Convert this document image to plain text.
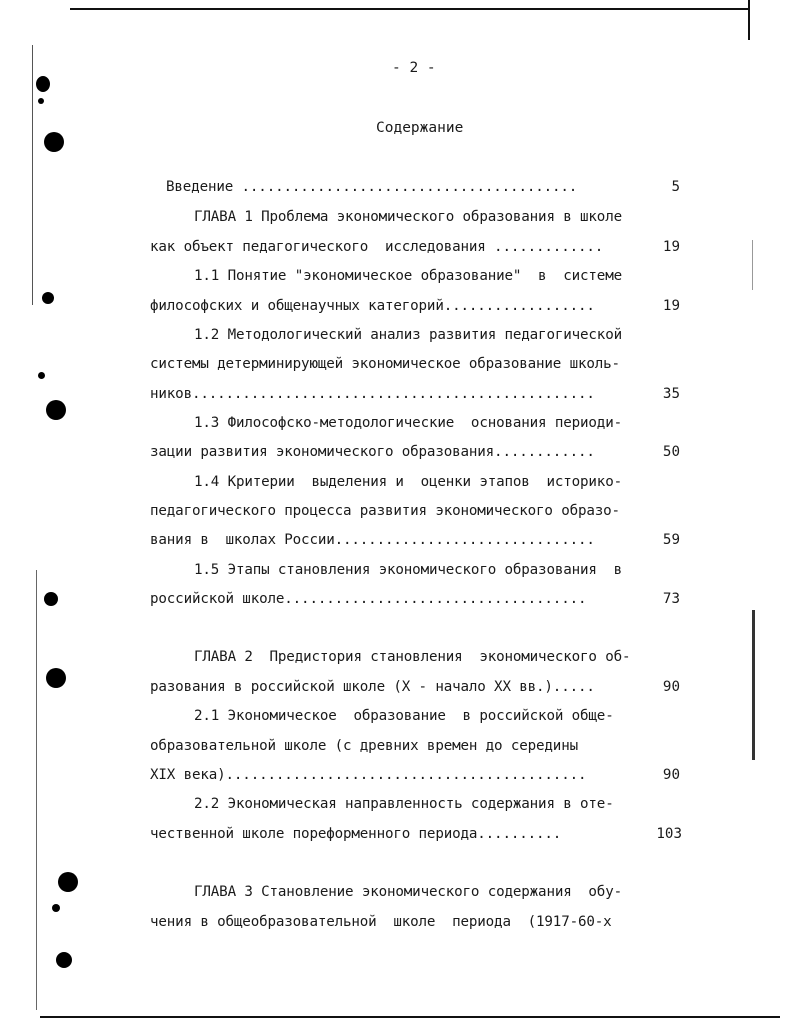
- 2 -
Содержание
Введение ........................................	5
ГЛАВА 1 Проблема экономического образования в школе
как объект педагогического  исследования .............	19
1.1 Понятие "экономическое образование"  в  системе
философских и общенаучных категорий..................	19
1.2 Методологический анализ развития педагогической
системы детерминирующей экономическое образование школь-
ников................................................	35
1.3 Философско-методологические  основания периоди-
зации развития экономического образования............	50
1.4 Критерии  выделения и  оценки этапов  историко-
педагогического процесса развития экономического образо-
вания в  школах России...............................	59
1.5 Этапы становления экономического образования  в
российской школе....................................	73
ГЛАВА 2  Предистория становления  экономического об-
разования в российской школе (X - начало XX вв.).....	90
2.1 Экономическое  образование  в российской обще-
образовательной школе (с древних времен до середины
XIX века)...........................................	90
2.2 Экономическая направленность содержания в оте-
чественной школе пореформенного периода..........	103
ГЛАВА 3 Становление экономического содержания  обу-
чения в общеобразовательной  школе  периода  (1917-60-х
